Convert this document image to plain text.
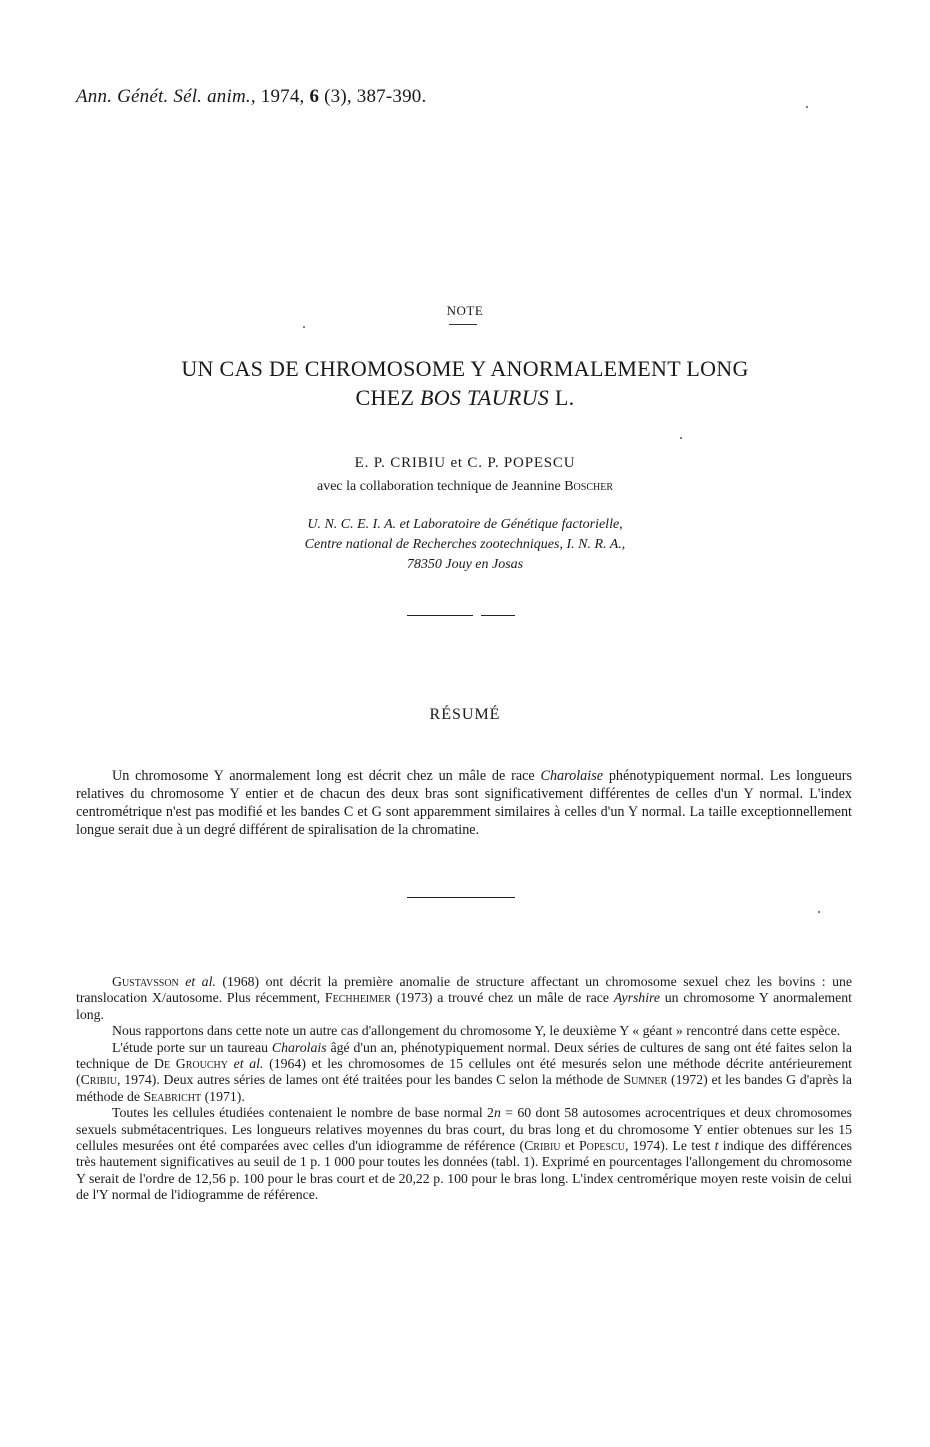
Ann. Génét. Sél. anim., 1974, 6 (3), 387-390.
NOTE
UN CAS DE CHROMOSOME Y ANORMALEMENT LONG
CHEZ BOS TAURUS L.
E. P. CRIBIU et C. P. POPESCU
avec la collaboration technique de Jeannine Boscher
U. N. C. E. I. A. et Laboratoire de Génétique factorielle,
Centre national de Recherches zootechniques, I. N. R. A.,
78350 Jouy en Josas
RÉSUMÉ

Un chromosome Y anormalement long est décrit chez un mâle de race Charolaise phénotypiquement normal. Les longueurs relatives du chromosome Y entier et de chacun des deux bras sont significativement différentes de celles d'un Y normal. L'index centrométrique n'est pas modifié et les bandes C et G sont apparemment similaires à celles d'un Y normal. La taille exceptionnellement longue serait due à un degré différent de spiralisation de la chromatine.

Gustavsson et al. (1968) ont décrit la première anomalie de structure affectant un chromosome sexuel chez les bovins : une translocation X/autosome. Plus récemment, Fechheimer (1973) a trouvé chez un mâle de race Ayrshire un chromosome Y anormalement long.

Nous rapportons dans cette note un autre cas d'allongement du chromosome Y, le deuxième Y « géant » rencontré dans cette espèce.

L'étude porte sur un taureau Charolais âgé d'un an, phénotypiquement normal. Deux séries de cultures de sang ont été faites selon la technique de De Grouchy et al. (1964) et les chromosomes de 15 cellules ont été mesurés selon une méthode décrite antérieurement (Cribiu, 1974). Deux autres séries de lames ont été traitées pour les bandes C selon la méthode de Sumner (1972) et les bandes G d'après la méthode de Seabricht (1971).

Toutes les cellules étudiées contenaient le nombre de base normal 2n = 60 dont 58 autosomes acrocentriques et deux chromosomes sexuels submétacentriques. Les longueurs relatives moyennes du bras court, du bras long et du chromosome Y entier obtenues sur les 15 cellules mesurées ont été comparées avec celles d'un idiogramme de référence (Cribiu et Popescu, 1974). Le test t indique des différences très hautement significatives au seuil de 1 p. 1 000 pour toutes les données (tabl. 1). Exprimé en pourcentages l'allongement du chromosome Y serait de l'ordre de 12,56 p. 100 pour le bras court et de 20,22 p. 100 pour le bras long. L'index centromérique moyen reste voisin de celui de l'Y normal de l'idiogramme de référence.
